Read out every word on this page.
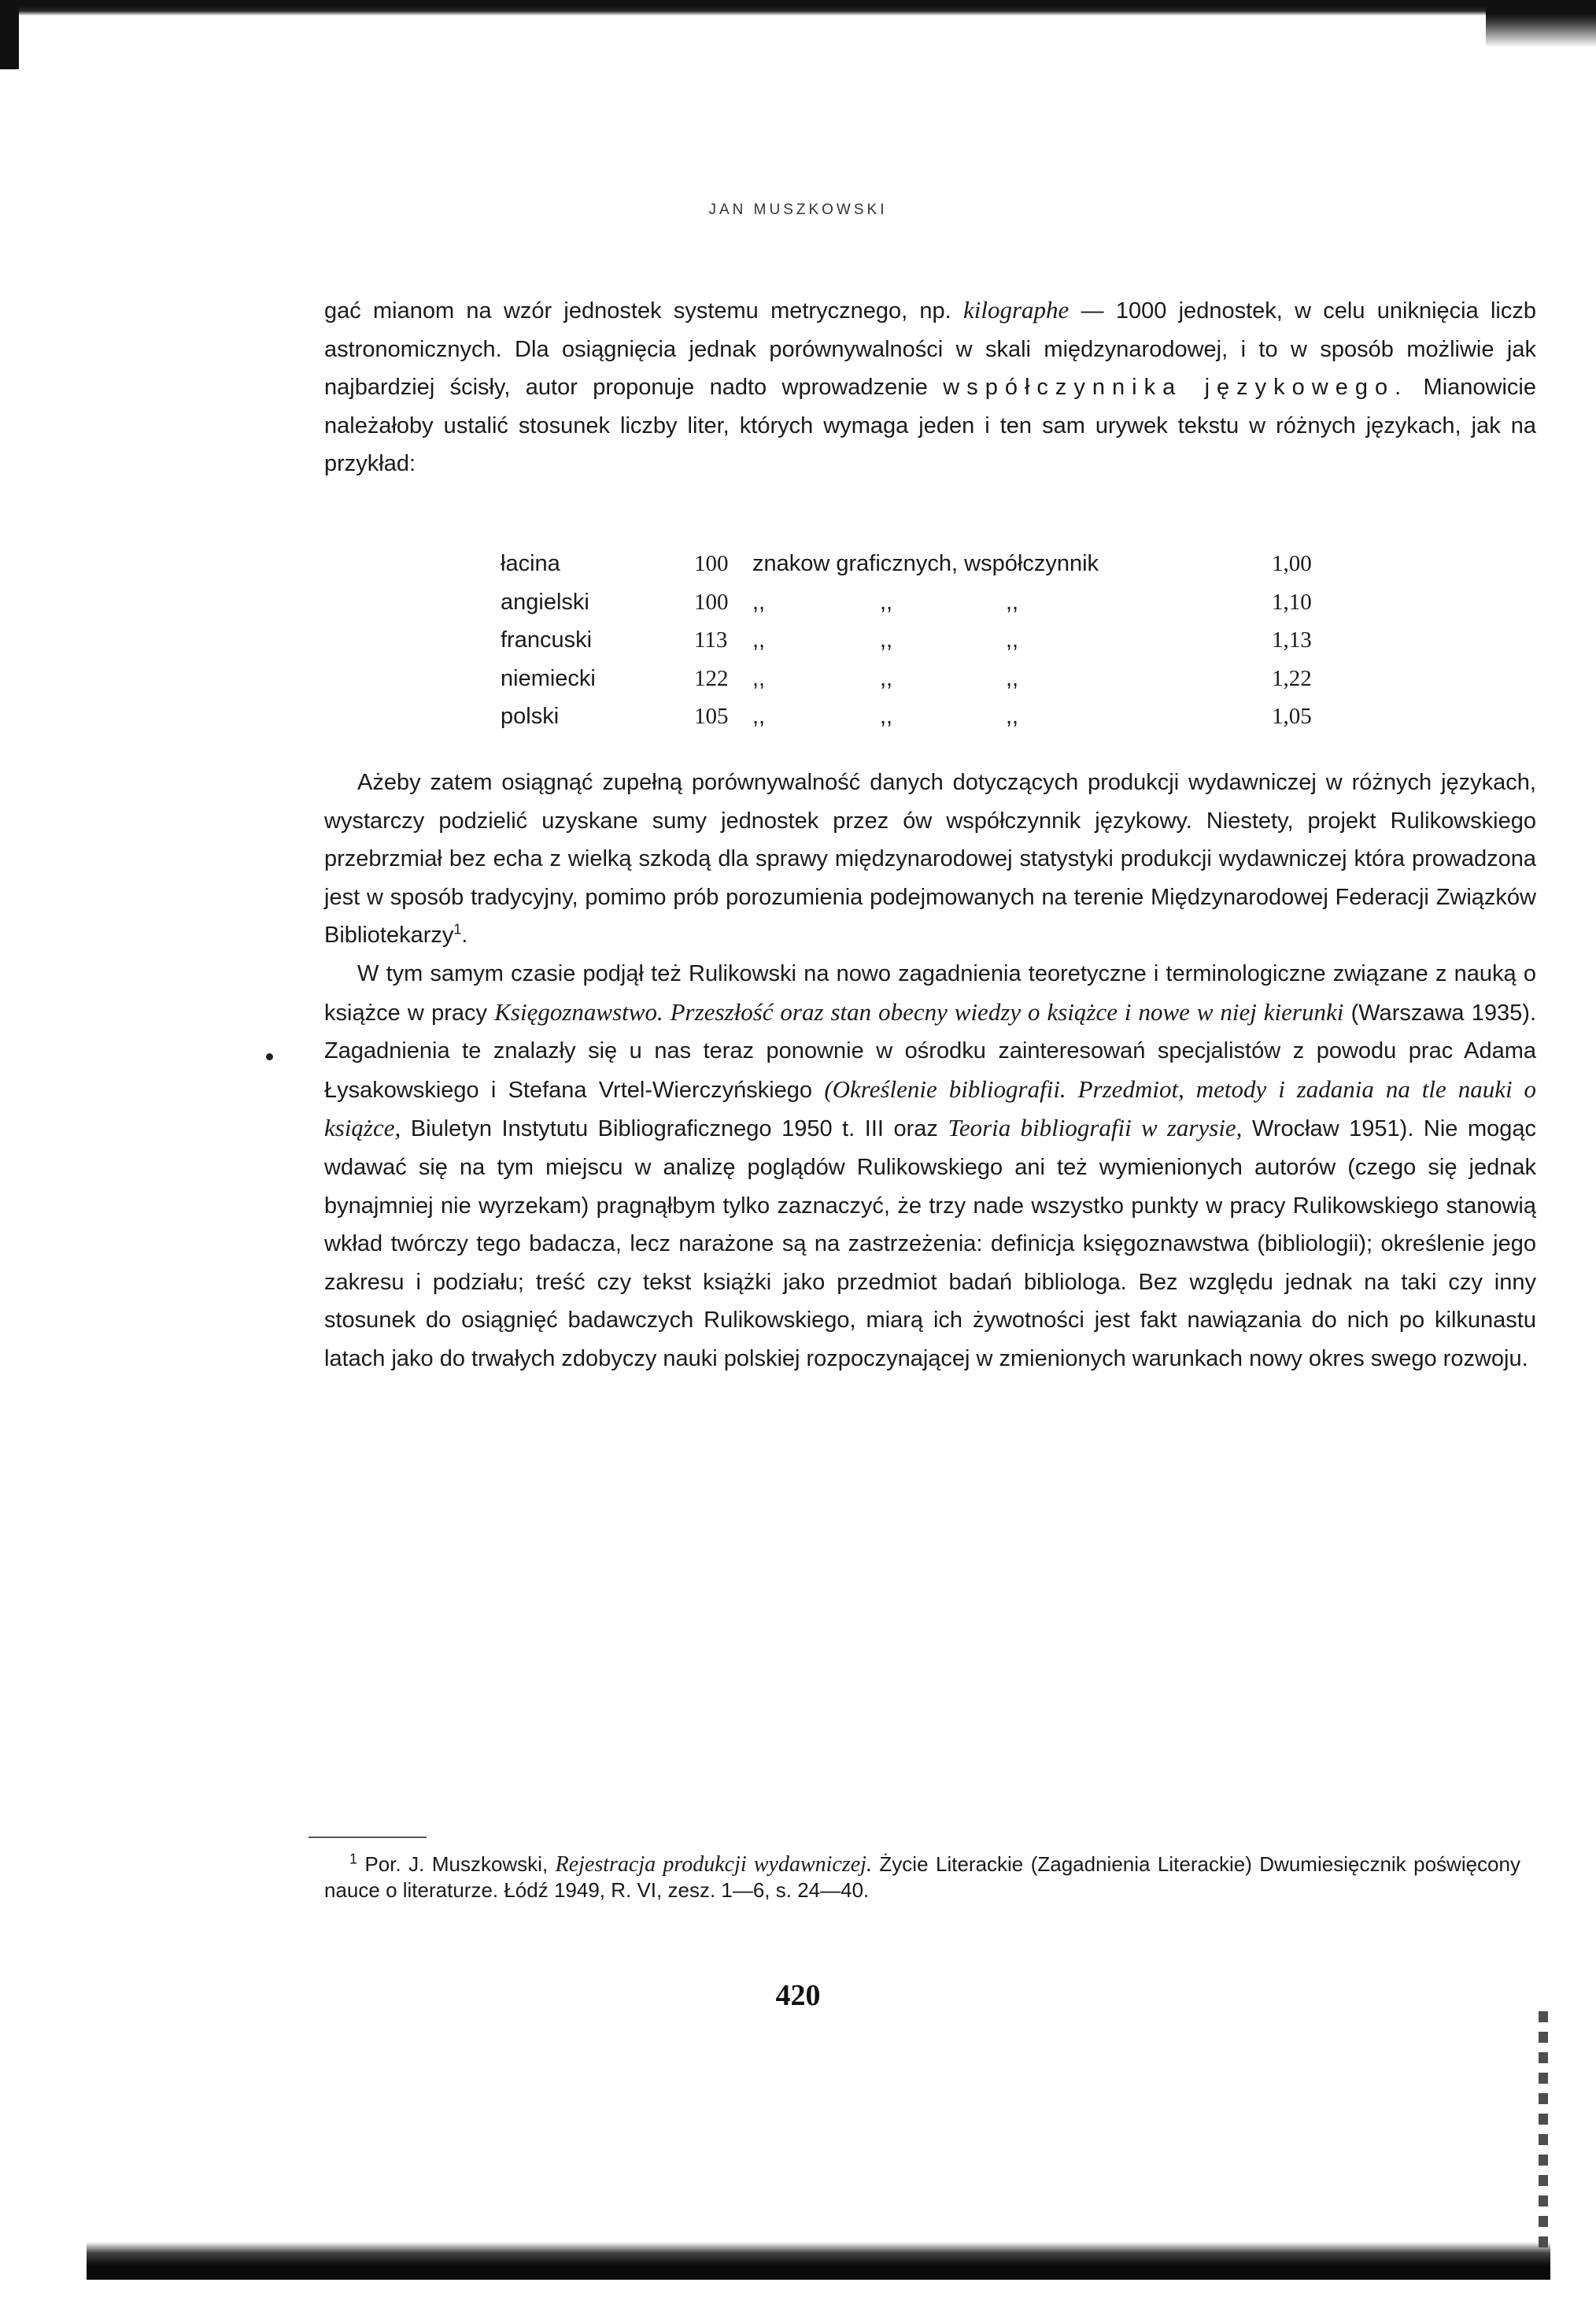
JAN MUSZKOWSKI
gać mianom na wzór jednostek systemu metrycznego, np. kilographe — 1000 jednostek, w celu uniknięcia liczb astronomicznych. Dla osiągnięcia jednak porównywalności w skali międzynarodowej, i to w sposób możliwie jak najbardziej ścisły, autor proponuje nadto wprowadzenie współczynnika językowego. Mianowicie należałoby ustalić stosunek liczby liter, których wymaga jeden i ten sam urywek tekstu w różnych językach, jak na przykład:
łacina	100 znakow graficznych, współczynnik	1,00
angielski	100 ,,	,,	,,	1,10
francuski	113 ,,	,,	,,	1,13
niemiecki	122 ,,	,,	,,	1,22
polski	105 ,,	,,	,,	1,05

Ażeby zatem osiągnąć zupełną porównywalność danych dotyczących produkcji wydawniczej w różnych językach, wystarczy podzielić uzyskane sumy jednostek przez ów współczynnik językowy. Niestety, projekt Rulikowskiego przebrzmiał bez echa z wielką szkodą dla sprawy międzynarodowej statystyki produkcji wydawniczej która prowadzona jest w sposób tradycyjny, pomimo prób porozumienia podejmowanych na terenie Międzynarodowej Federacji Związków Bibliotekarzy$^1$.

W tym samym czasie podjął też Rulikowski na nowo zagadnienia teoretyczne i terminologiczne związane z nauką o książce w pracy Księgoznawstwo. Przeszłość oraz stan obecny wiedzy o książce i nowe w niej kierunki (Warszawa 1935). Zagadnienia te znalazły się u nas teraz ponownie w ośrodku zainteresowań specjalistów z powodu prac Adama Łysakowskiego i Stefana Vrtel-Wierczyńskiego (Określenie bibliografii. Przedmiot, metody i zadania na tle nauki o książce, Biuletyn Instytutu Bibliograficznego 1950 t. III oraz Teoria bibliografii w zarysie, Wrocław 1951). Nie mogąc wdawać się na tym miejscu w analizę poglądów Rulikowskiego ani też wymienionych autorów (czego się jednak bynajmniej nie wyrzekam) pragnąłbym tylko zaznaczyć, że trzy nade wszystko punkty w pracy Rulikowskiego stanowią wkład twórczy tego badacza, lecz narażone są na zastrzeżenia: definicja księgoznawstwa (bibliologii); określenie jego zakresu i podziału; treść czy tekst książki jako przedmiot badań bibliologa. Bez względu jednak na taki czy inny stosunek do osiągnięć badawczych Rulikowskiego, miarą ich żywotności jest fakt nawiązania do nich po kilkunastu latach jako do trwałych zdobyczy nauki polskiej rozpoczynającej w zmienionych warunkach nowy okres swego rozwoju.

$^1$ Por. J. Muszkowski, Rejestracja produkcji wydawniczej. Życie Literackie (Zagadnienia Literackie) Dwumiesięcznik poświęcony nauce o literaturze. Łódź 1949, R. VI, zesz. 1—6, s. 24—40.
420
